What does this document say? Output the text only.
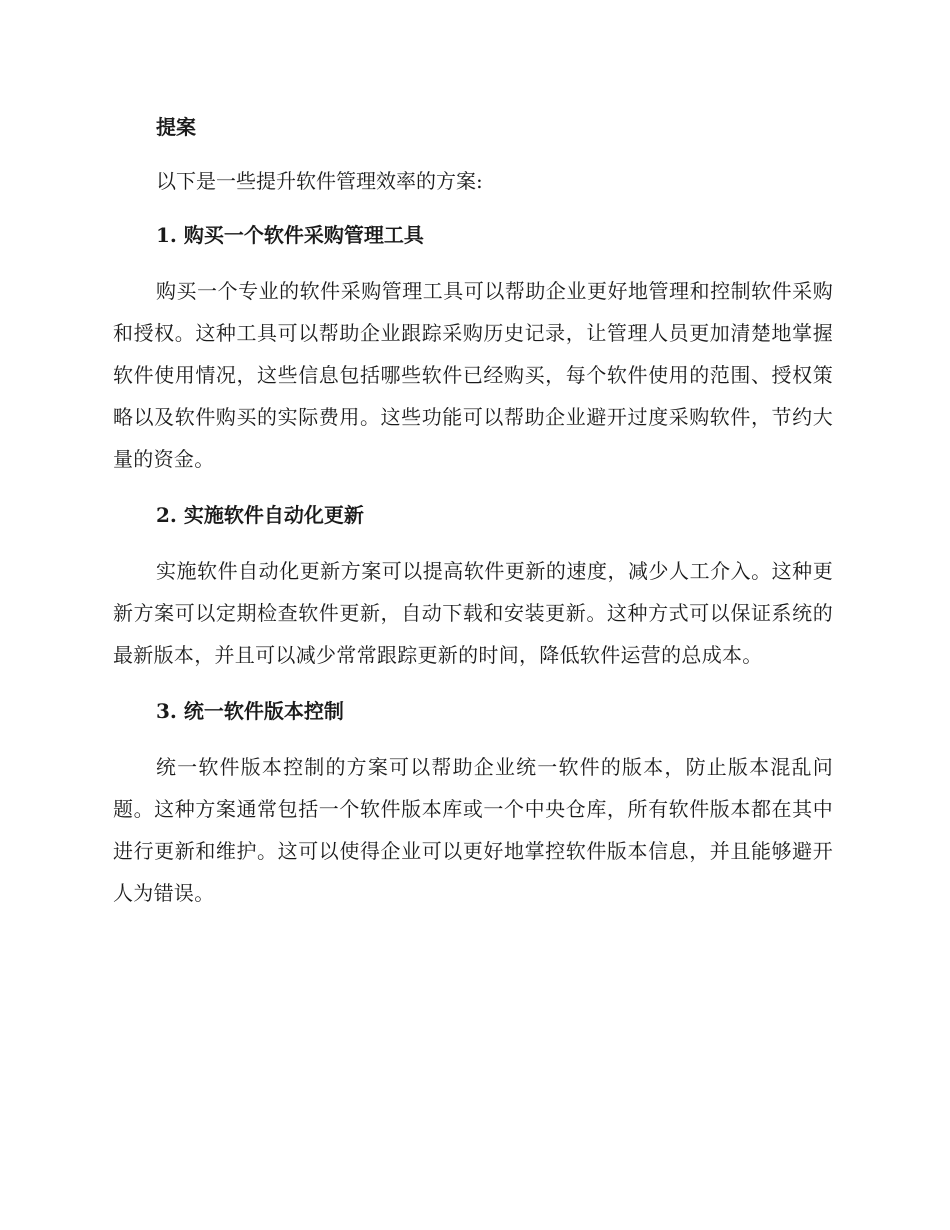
提案

以下是一些提升软件管理效率的方案:

1. 购买一个软件采购管理工具

购买一个专业的软件采购管理工具可以帮助企业更好地管理和控制软件采购和授权。这种工具可以帮助企业跟踪采购历史记录，让管理人员更加清楚地掌握软件使用情况，这些信息包括哪些软件已经购买，每个软件使用的范围、授权策略以及软件购买的实际费用。这些功能可以帮助企业避开过度采购软件，节约大量的资金。

2. 实施软件自动化更新

实施软件自动化更新方案可以提高软件更新的速度，减少人工介入。这种更新方案可以定期检查软件更新，自动下载和安装更新。这种方式可以保证系统的最新版本，并且可以减少常常跟踪更新的时间，降低软件运营的总成本。

3. 统一软件版本控制

统一软件版本控制的方案可以帮助企业统一软件的版本，防止版本混乱问题。这种方案通常包括一个软件版本库或一个中央仓库，所有软件版本都在其中进行更新和维护。这可以使得企业可以更好地掌控软件版本信息，并且能够避开人为错误。
